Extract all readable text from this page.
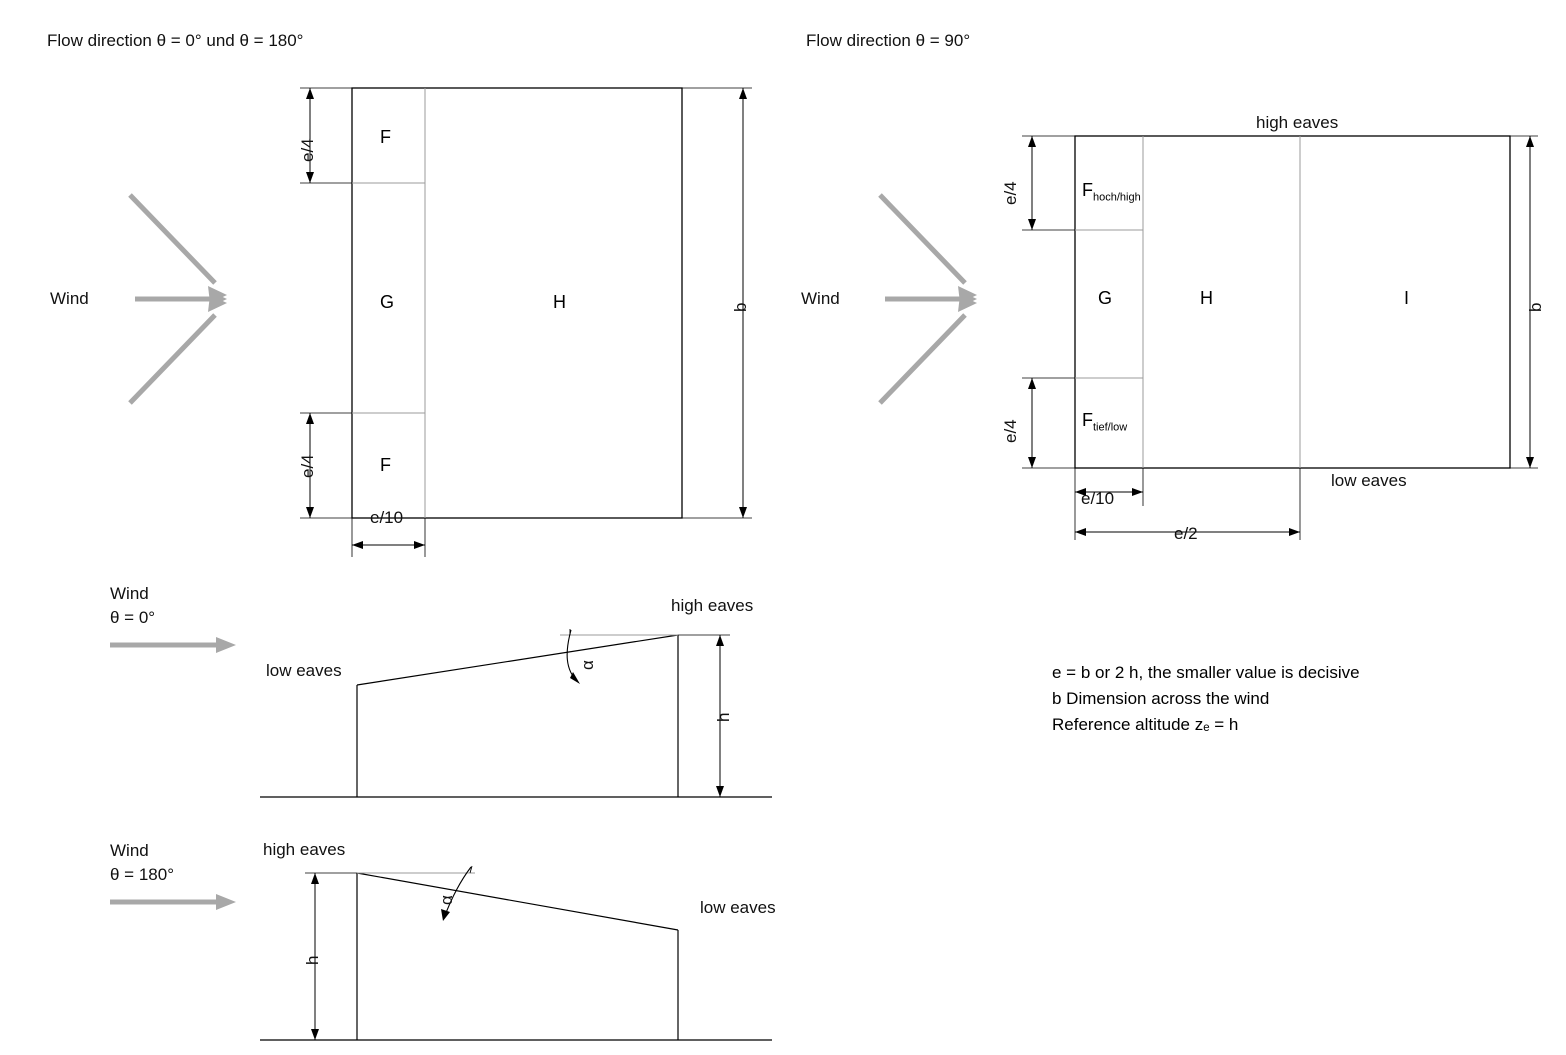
Flow direction θ = 0° und θ = 180°	Flow direction θ = 90°
F
G	H
F
e/4
e/4
b
e/10
Wind
high eaves
low eaves
$F_{hoch/high}$
$F_{tief/low}$
G	H	I
e/4
e/4
b
e/10
e/2
Wind
e = b or 2 h, the smaller value is decisive
b Dimension across the wind
Reference altitude zₑ = h
Wind
θ = 0°
high eaves
low eaves	α
h
Wind
θ = 180°
high eaves
low eaves
α
h
